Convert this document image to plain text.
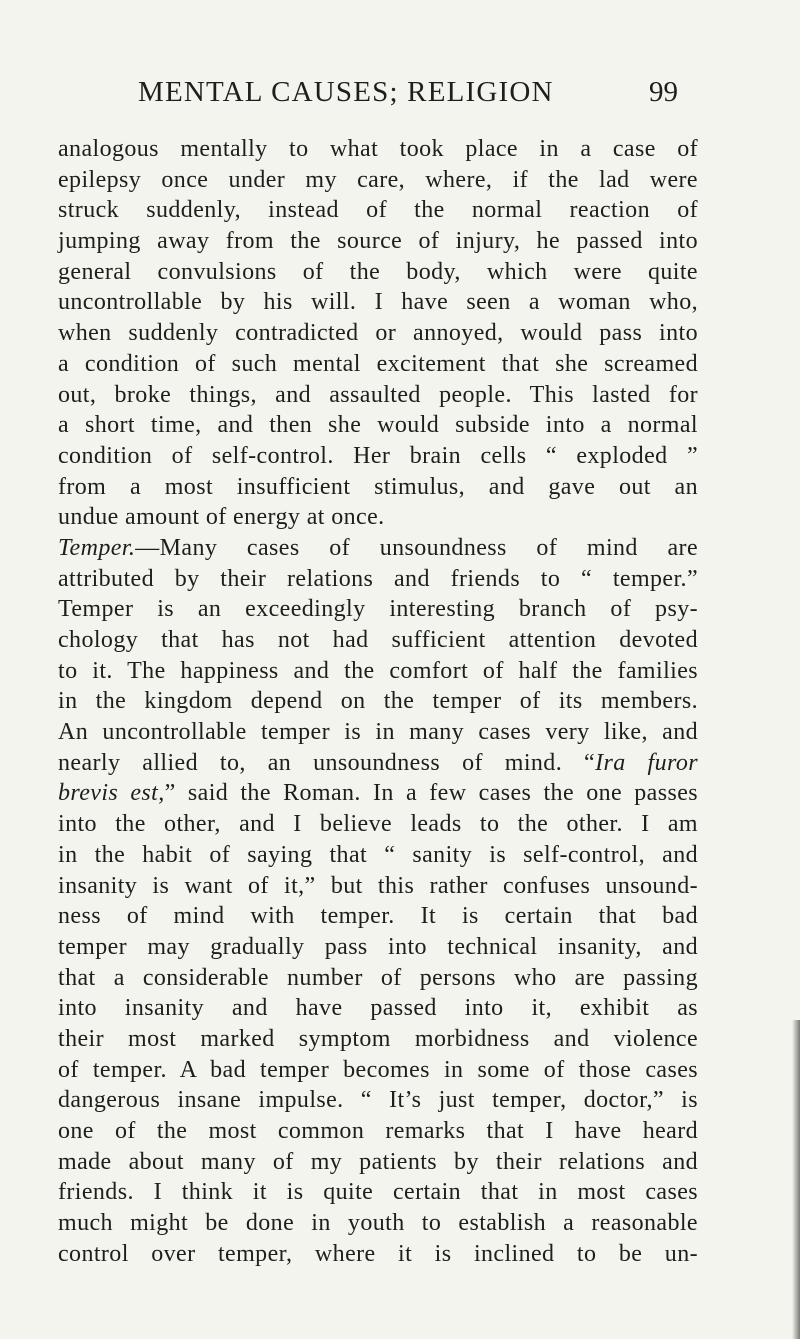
MENTAL CAUSES; RELIGION	99
analogous mentally to what took place in a case of
epilepsy once under my care, where, if the lad were
struck suddenly, instead of the normal reaction of
jumping away from the source of injury, he passed into
general convulsions of the body, which were quite
uncontrollable by his will. I have seen a woman who,
when suddenly contradicted or annoyed, would pass into
a condition of such mental excitement that she screamed
out, broke things, and assaulted people. This lasted for
a short time, and then she would subside into a normal
condition of self-control. Her brain cells “ exploded ”
from a most insufficient stimulus, and gave out an
undue amount of energy at once.
Temper.—Many cases of unsoundness of mind are
attributed by their relations and friends to “ temper.”
Temper is an exceedingly interesting branch of psy-
chology that has not had sufficient attention devoted
to it. The happiness and the comfort of half the families
in the kingdom depend on the temper of its members.
An uncontrollable temper is in many cases very like, and
nearly allied to, an unsoundness of mind. “Ira furor
brevis est,” said the Roman. In a few cases the one passes
into the other, and I believe leads to the other. I am
in the habit of saying that “ sanity is self-control, and
insanity is want of it,” but this rather confuses unsound-
ness of mind with temper. It is certain that bad
temper may gradually pass into technical insanity, and
that a considerable number of persons who are passing
into insanity and have passed into it, exhibit as
their most marked symptom morbidness and violence
of temper. A bad temper becomes in some of those cases
dangerous insane impulse. “ It’s just temper, doctor,” is
one of the most common remarks that I have heard
made about many of my patients by their relations and
friends. I think it is quite certain that in most cases
much might be done in youth to establish a reasonable
control over temper, where it is inclined to be un-
